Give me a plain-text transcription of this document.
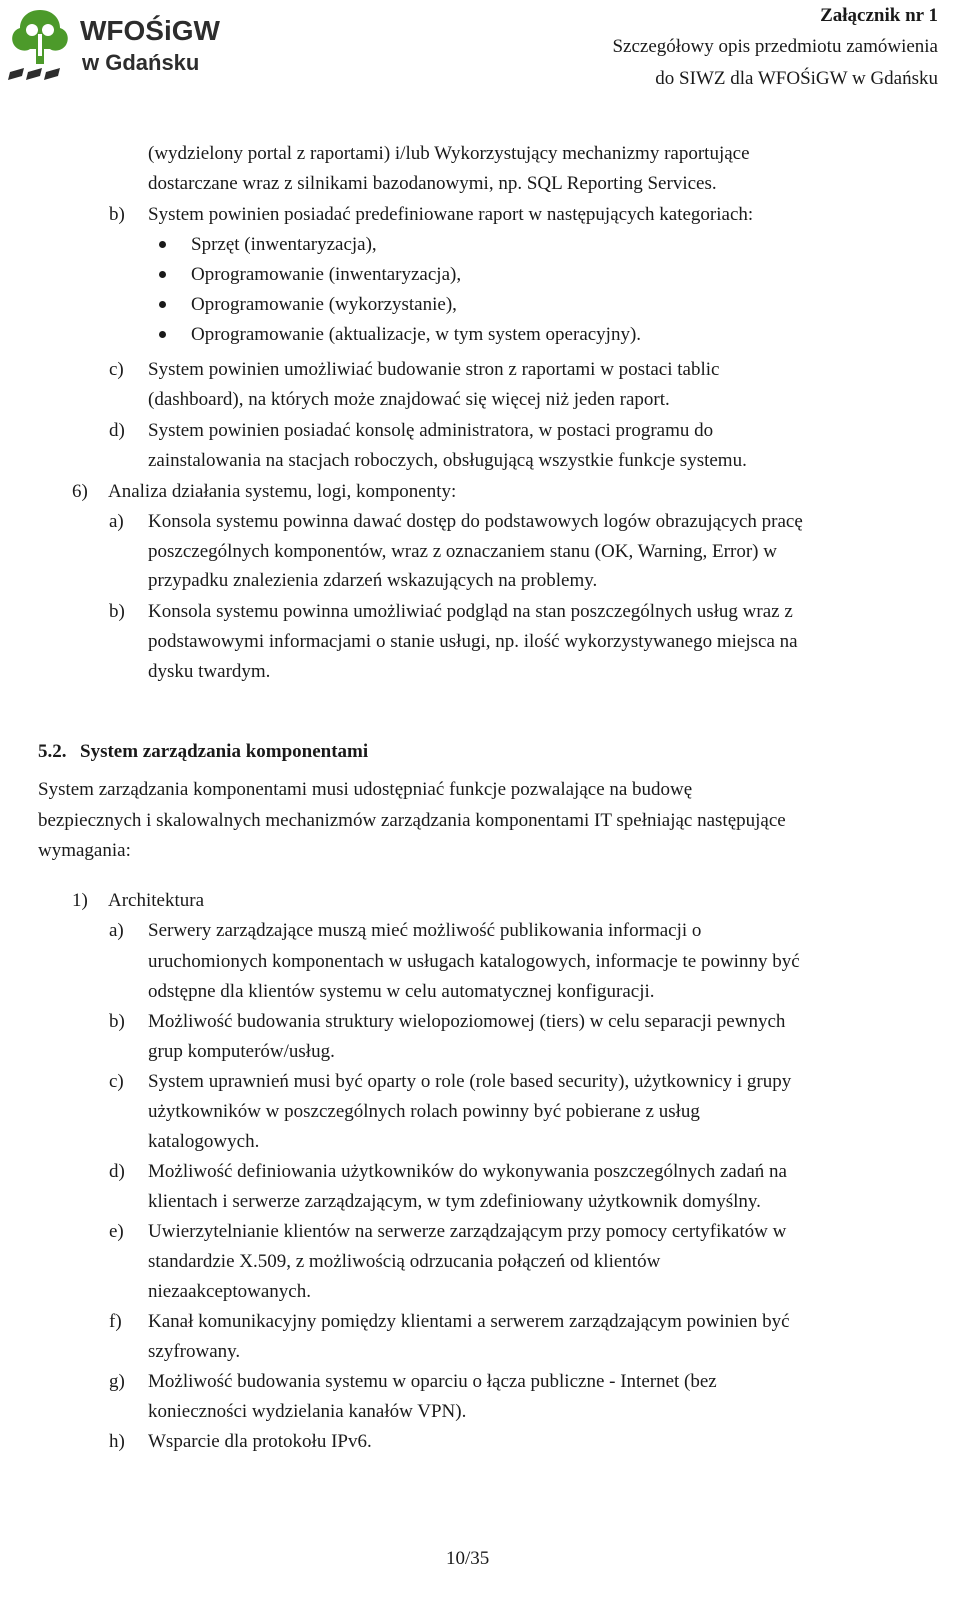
WFOŚiGW
w Gdańsku
Załącznik nr 1
Szczegółowy opis przedmiotu zamówienia
do SIWZ dla WFOŚiGW w Gdańsku
(wydzielony portal z raportami) i/lub Wykorzystujący mechanizmy raportujące
dostarczane wraz z silnikami bazodanowymi, np. SQL Reporting Services.
b) System powinien posiadać predefiniowane raport w następujących kategoriach:
Sprzęt (inwentaryzacja),
Oprogramowanie (inwentaryzacja),
Oprogramowanie (wykorzystanie),
Oprogramowanie (aktualizacje, w tym system operacyjny).
c) System powinien umożliwiać budowanie stron z raportami w postaci tablic
(dashboard), na których może znajdować się więcej niż jeden raport.
d) System powinien posiadać konsolę administratora, w postaci programu do
zainstalowania na stacjach roboczych, obsługującą wszystkie funkcje systemu.
6) Analiza działania systemu, logi, komponenty:
a) Konsola systemu powinna dawać dostęp do podstawowych logów obrazujących pracę
poszczególnych komponentów, wraz z oznaczaniem stanu (OK, Warning, Error) w
przypadku znalezienia zdarzeń wskazujących na problemy.
b) Konsola systemu powinna umożliwiać podgląd na stan poszczególnych usług wraz z
podstawowymi informacjami o stanie usługi, np. ilość wykorzystywanego miejsca na
dysku twardym.
5.2. System zarządzania komponentami
System zarządzania komponentami musi udostępniać funkcje pozwalające na budowę
bezpiecznych i skalowalnych mechanizmów zarządzania komponentami IT spełniając następujące
wymagania:
1) Architektura
a) Serwery zarządzające muszą mieć możliwość publikowania informacji o
uruchomionych komponentach w usługach katalogowych, informacje te powinny być
odstępne dla klientów systemu w celu automatycznej konfiguracji.
b) Możliwość budowania struktury wielopoziomowej (tiers) w celu separacji pewnych
grup komputerów/usług.
c) System uprawnień musi być oparty o role (role based security), użytkownicy i grupy
użytkowników w poszczególnych rolach powinny być pobierane z usług
katalogowych.
d) Możliwość definiowania użytkowników do wykonywania poszczególnych zadań na
klientach i serwerze zarządzającym, w tym zdefiniowany użytkownik domyślny.
e) Uwierzytelnianie klientów na serwerze zarządzającym przy pomocy certyfikatów w
standardzie X.509, z możliwością odrzucania połączeń od klientów
niezaakceptowanych.
f) Kanał komunikacyjny pomiędzy klientami a serwerem zarządzającym powinien być
szyfrowany.
g) Możliwość budowania systemu w oparciu o łącza publiczne - Internet (bez
konieczności wydzielania kanałów VPN).
h) Wsparcie dla protokołu IPv6.
10/35
